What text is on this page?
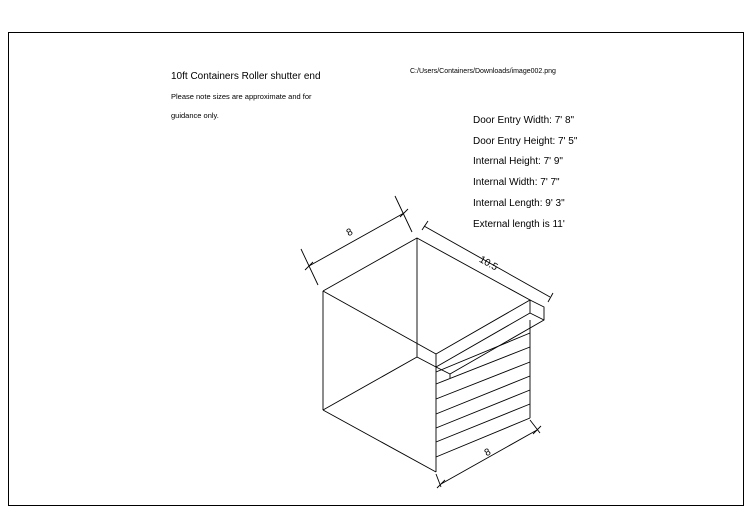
10ft Containers Roller shutter end
Please note sizes are approximate and for
guidance only.
C:/Users/Containers/Downloads/image002.png
Door Entry Width: 7' 8"
Door Entry Height: 7' 5"
Internal Height: 7' 9"
Internal Width: 7' 7"
Internal Length: 9' 3"
External length is 11'
8
10.5
8
